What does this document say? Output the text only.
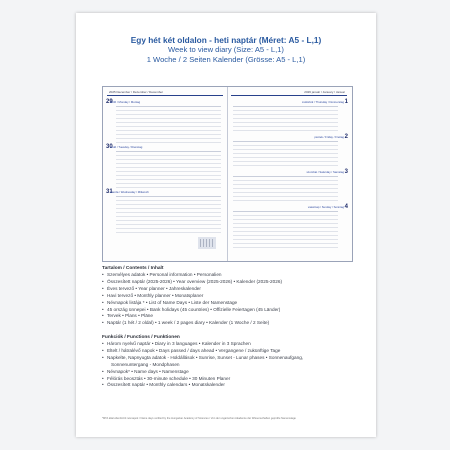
Egy hét két oldalon - heti naptár (Méret: A5 - L,1)
Week to view diary (Size: A5 - L,1)
1 Woche / 2 Seiten Kalender (Grösse: A5 - L,1)
2025 December / Dezember / December
29
hétfő / Monday / Montag
30
kedd / Tuesday / Dienstag
31
szerda / Wednesday / Mittwoch
2026 január / January / Januar
1
csütörtök / Thursday / Donnerstag
2
péntek / Friday / Freitag
3
szombat / Saturday / Samstag
4
vasárnap / Sunday / Sonntag
Tartalom / Contents / Inhalt
• Személyes adatok • Personal information • Personalien
• Összesített naptár (2025-2026) • Year overview (2025-2026) • Kalender (2025-2026)
• Éves tervező • Year planner • Jahreskalender
• Havi tervező • Monthly planner • Monatsplaner
• Névnapok listája * • List of Name Days • Liste der Namenstage
• 45 ország ünnepei • Bank holidays (45 countries) • Offizielle Feiertagen (45 Länder)
• Tervek • Plans • Pläne
• Naptár (1 hét / 2 oldal) • 1 week / 2 pages diary • Kalender (1 Woche / 2 Seite)
Funkciók / Functions / Funktionen
• Három nyelvű naptár • Diary in 3 languages • Kalender in 3 Sprachen
• Eltelt / hátralévő napok • Days passed / days ahead • Vergangene / zukünftige Tage
• Napkelte, Napnyugta adatok - Holdállások • Sunrise, Sunset - Lunar phases • Sonnenaufgang,
Sonnenuntergang - Mondphasen
• Névnapok* • Name days • Namenstage
• Félórás beosztás • 30-minute schedule • 30 Minuten Planer
• Összesített naptár • Monthly calendars • Monatskalender
*MTA által ellenőrzött névnapok / Name days verified by the Hungarian Academy of Sciences / Von der ungarischen Akademie der Wissenschaften geprüfte Namenstage
